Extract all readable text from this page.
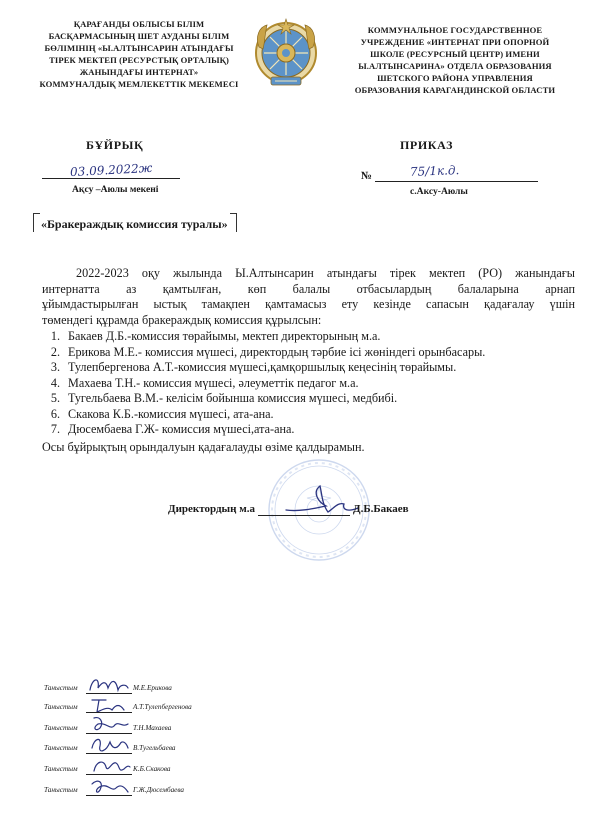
ҚАРАҒАНДЫ ОБЛЫСЫ БІЛІМ
БАСҚАРМАСЫНЫҢ ШЕТ АУДАНЫ БІЛІМ
БӨЛІМІНІҢ «Ы.АЛТЫНСАРИН АТЫНДАҒЫ
ТІРЕК МЕКТЕП (РЕСУРСТЫҚ ОРТАЛЫҚ)
ЖАНЫНДАҒЫ ИНТЕРНАТ»
КОММУНАЛДЫҚ МЕМЛЕКЕТТІК МЕКЕМЕСІ
КОММУНАЛЬНОЕ ГОСУДАРСТВЕННОЕ
УЧРЕЖДЕНИЕ «ИНТЕРНАТ ПРИ ОПОРНОЙ
ШКОЛЕ (РЕСУРСНЫЙ ЦЕНТР) ИМЕНИ
Ы.АЛТЫНСАРИНА» ОТДЕЛА ОБРАЗОВАНИЯ
ШЕТСКОГО РАЙОНА УПРАВЛЕНИЯ
ОБРАЗОВАНИЯ КАРАГАНДИНСКОЙ ОБЛАСТИ
БҰЙРЫҚ	ПРИКАЗ
03.09.2022ж
Ақсу –Аюлы мекені
№	75/1к.д.
с.Аксу-Аюлы
«Бракераждық комиссия туралы»
2022-2023 оқу жылында Ы.Алтынсарин атындағы тірек мектеп (РО) жанындағы
интернатта аз қамтылған, көп балалы отбасылардың балаларына арнап
ұйымдастырылған ыстық тамақпен қамтамасыз ету кезінде сапасын қадағалау үшін
төмендегі құрамда бракераждық комиссия құрылсын:
1. Бакаев Д.Б.-комиссия төрайымы, мектеп директорының м.а.
2. Ерикова М.Е.- комиссия мүшесі, директордың тәрбие ісі жөніндегі орынбасары.
3. Тулепбергенова А.Т.-комиссия мүшесі,қамқоршылық кеңесінің төрайымы.
4. Махаева Т.Н.- комиссия мүшесі, әлеуметтік педагог м.а.
5. Тугельбаева В.М.- келісім бойынша комиссия мүшесі, медбибі.
6. Скакова К.Б.-комиссия мүшесі, ата-ана.
7. Дюсембаева Г.Ж- комиссия мүшесі,ата-ана.
Осы бұйрықтың орындалуын қадағалауды өзіме қалдырамын.
Директордың м.а	Д.Б.Бакаев
Таныстым	М.Е.Ерикова
Таныстым	А.Т.Тулепбергенова
Таныстым	Т.Н.Махаева
Таныстым	В.Тугельбаева
Таныстым	К.Б.Скакова
Таныстым	Г.Ж.Дюсембаева
